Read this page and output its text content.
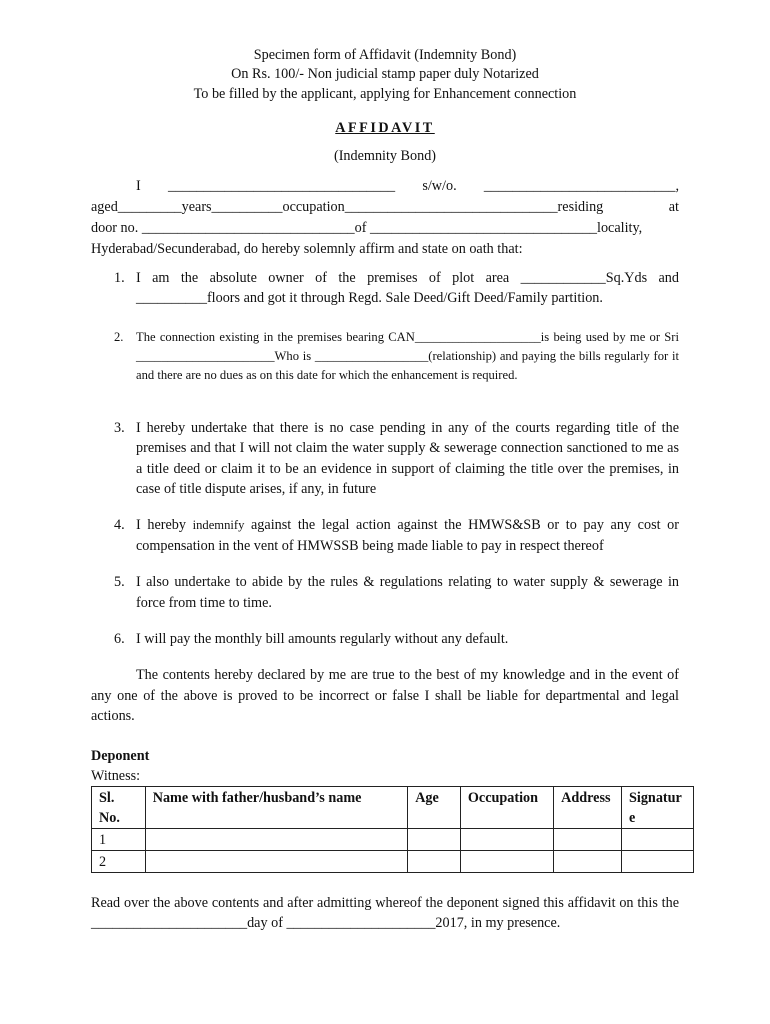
Specimen form of Affidavit (Indemnity Bond)
On Rs. 100/- Non judicial stamp paper duly Notarized
To be filled by the applicant, applying for Enhancement connection
AFFIDAVIT
(Indemnity Bond)
I ________________________________ s/w/o. ___________________________,
aged_________years__________occupation______________________________residing	at
door no. ______________________________of ________________________________locality,
Hyderabad/Secunderabad, do hereby solemnly affirm and state on oath that:
1. I am the absolute owner of the premises of plot area ____________Sq.Yds and __________floors and got it through Regd. Sale Deed/Gift Deed/Family partition.
2. The connection existing in the premises bearing CAN____________________is being used by me or Sri ______________________Who is __________________(relationship) and paying the bills regularly for it and there are no dues as on this date for which the enhancement is required.
3. I hereby undertake that there is no case pending in any of the courts regarding title of the premises and that I will not claim the water supply & sewerage connection sanctioned to me as a title deed or claim it to be an evidence in support of claiming the title over the premises, in case of title dispute arises, if any, in future
4. I hereby indemnify against the legal action against the HMWS&SB or to pay any cost or compensation in the vent of HMWSSB being made liable to pay in respect thereof
5. I also undertake to abide by the rules & regulations relating to water supply & sewerage in force from time to time.
6. I will pay the monthly bill amounts regularly without any default.
The contents hereby declared by me are true to the best of my knowledge and in the event of any one of the above is proved to be incorrect or false I shall be liable for departmental and legal actions.
Deponent
Witness:
Sl. No.	Name with father/husband’s name	Age	Occupation	Address	Signature
1					
2					
Read over the above contents and after admitting whereof the deponent signed this affidavit on this the ______________________day of _____________________2017, in my presence.
